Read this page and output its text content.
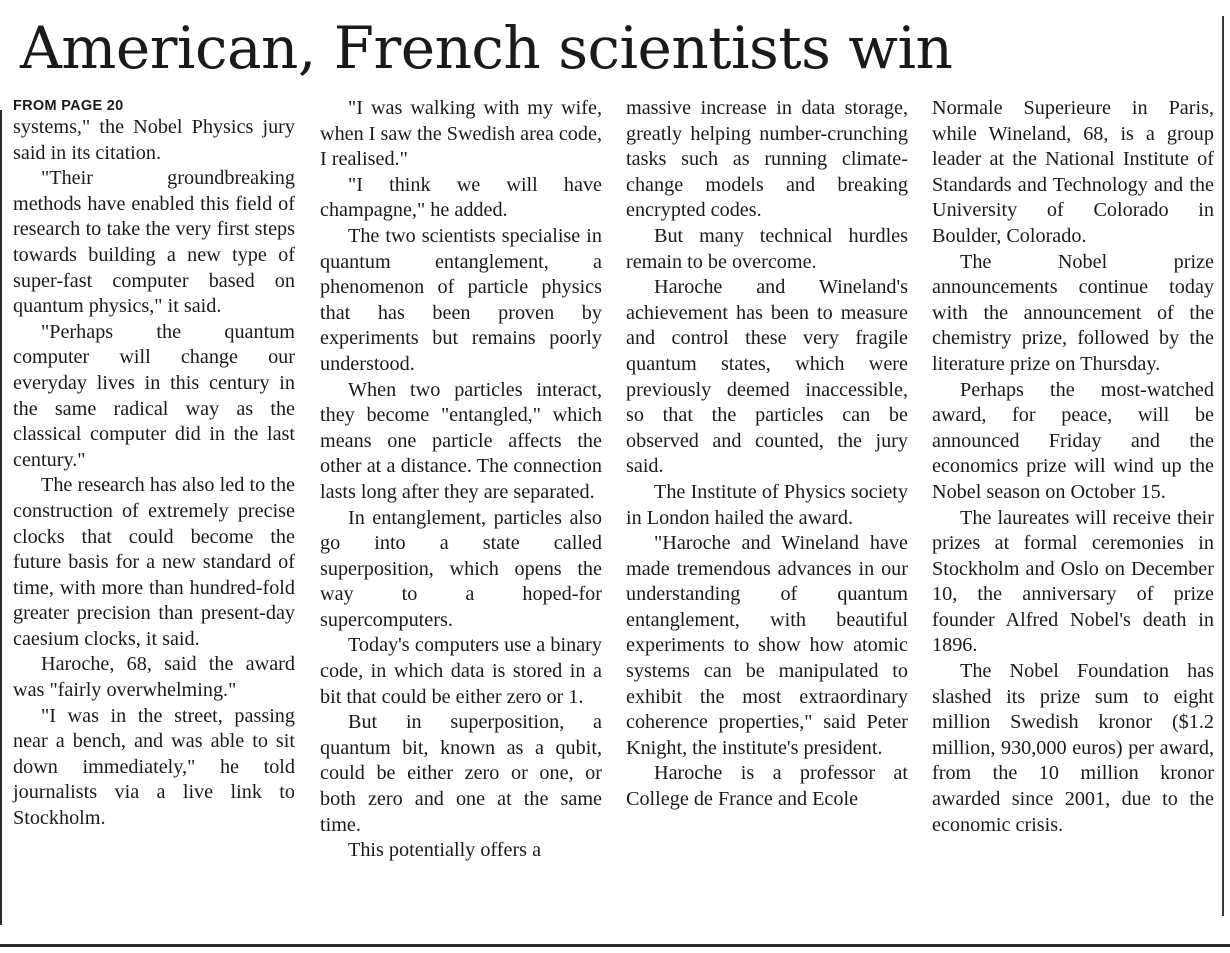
American, French scientists win
FROM PAGE 20

systems," the Nobel Physics jury said in its citation.

"Their groundbreaking methods have enabled this field of research to take the very first steps towards building a new type of super-fast computer based on quantum physics," it said.

"Perhaps the quantum computer will change our everyday lives in this century in the same radical way as the classical computer did in the last century."

The research has also led to the construction of extremely precise clocks that could become the future basis for a new standard of time, with more than hundred-fold greater precision than present-day caesium clocks, it said.

Haroche, 68, said the award was "fairly overwhelming."

"I was in the street, passing near a bench, and was able to sit down immediately," he told journalists via a live link to Stockholm.

"I was walking with my wife, when I saw the Swedish area code, I realised."

"I think we will have champagne," he added.

The two scientists specialise in quantum entanglement, a phenomenon of particle physics that has been proven by experiments but remains poorly understood.

When two particles interact, they become "entangled," which means one particle affects the other at a distance. The connection lasts long after they are separated.

In entanglement, particles also go into a state called superposition, which opens the way to a hoped-for supercomputers.

Today's computers use a binary code, in which data is stored in a bit that could be either zero or 1.

But in superposition, a quantum bit, known as a qubit, could be either zero or one, or both zero and one at the same time.

This potentially offers a

massive increase in data storage, greatly helping number-crunching tasks such as running climate-change models and breaking encrypted codes.

But many technical hurdles remain to be overcome.

Haroche and Wineland's achievement has been to measure and control these very fragile quantum states, which were previously deemed inaccessible, so that the particles can be observed and counted, the jury said.

The Institute of Physics society in London hailed the award.

"Haroche and Wineland have made tremendous advances in our understanding of quantum entanglement, with beautiful experiments to show how atomic systems can be manipulated to exhibit the most extraordinary coherence properties," said Peter Knight, the institute's president.

Haroche is a professor at College de France and Ecole

Normale Superieure in Paris, while Wineland, 68, is a group leader at the National Institute of Standards and Technology and the University of Colorado in Boulder, Colorado.

The Nobel prize announcements continue today with the announcement of the chemistry prize, followed by the literature prize on Thursday.

Perhaps the most-watched award, for peace, will be announced Friday and the economics prize will wind up the Nobel season on October 15.

The laureates will receive their prizes at formal ceremonies in Stockholm and Oslo on December 10, the anniversary of prize founder Alfred Nobel's death in 1896.

The Nobel Foundation has slashed its prize sum to eight million Swedish kronor ($1.2 million, 930,000 euros) per award, from the 10 million kronor awarded since 2001, due to the economic crisis.
